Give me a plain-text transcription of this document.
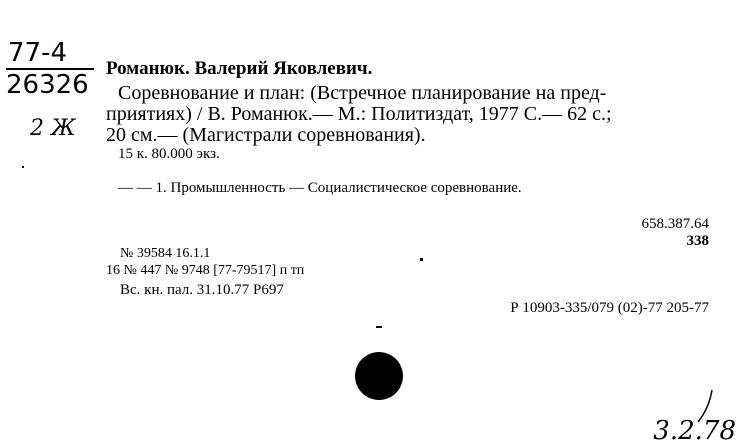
77-4
26326
2 Ж
Романюк. Валерий Яковлевич.
Соревнование и план: (Встречное планирование на пред-
приятиях) / В. Романюк.— М.: Политиздат, 1977 С.— 62 с.;
20 см.— (Магистрали соревнования).
15 к. 80.000 экз.
— — 1. Промышленность — Социалистическое соревнование.
658.387.64
338
№ 39584 16.1.1
16 № 447 № 9748 [77-79517] п тп
Вс. кн. пал. 31.10.77 Р697
Р 10903-335/079 (02)-77 205-77
3.2.78
